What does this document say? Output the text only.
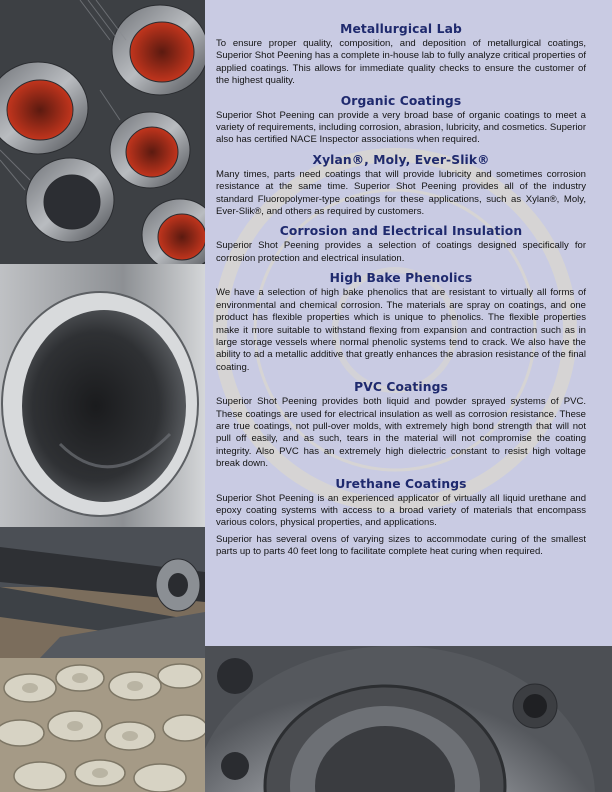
Metallurgical Lab

To ensure proper quality, composition, and deposition of metallurgical coatings, Superior Shot Peening has a complete in-house lab to fully analyze critical properties of applied coatings. This allows for immediate quality checks to ensure the customer of the highest quality.

Organic Coatings

Superior Shot Peening can provide a very broad base of organic coatings to meet a variety of requirements, including corrosion, abrasion, lubricity, and cosmetics. Superior also has certified NACE Inspector associations when required.

Xylan®, Moly, Ever-Slik®

Many times, parts need coatings that will provide lubricity and sometimes corrosion resistance at the same time. Superior Shot Peening provides all of the industry standard Fluoropolymer-type coatings for these applications, such as Xylan®, Moly, Ever-Slik®, and others as required by customers.

Corrosion and Electrical Insulation

Superior Shot Peening provides a selection of coatings designed specifically for corrosion protection and electrical insulation.

High Bake Phenolics

We have a selection of high bake phenolics that are resistant to virtually all forms of environmental and chemical corrosion. The materials are spray on coatings, and one product has flexible properties which is unique to phenolics. The flexible properties make it more suitable to withstand flexing from expansion and contraction such as in large storage vessels where normal phenolic systems tend to crack. We also have the ability to ad a metallic additive that greatly enhances the abrasion resistance of the final coating.

PVC Coatings

Superior Shot Peening provides both liquid and powder sprayed systems of PVC. These coatings are used for electrical insulation as well as corrosion resistance. These are true coatings, not pull-over molds, with extremely high bond strength that will not pull off easily, and as such, tears in the material will not compromise the coating integrity. Also PVC has an extremely high dielectric constant to resist high voltage break down.

Urethane Coatings

Superior Shot Peening is an experienced applicator of virtually all liquid urethane and epoxy coating systems with access to a broad variety of materials that encompass various colors, physical properties, and applications.

Superior has several ovens of varying sizes to accommodate curing of the smallest parts up to parts 40 feet long to facilitate complete heat curing when required.
